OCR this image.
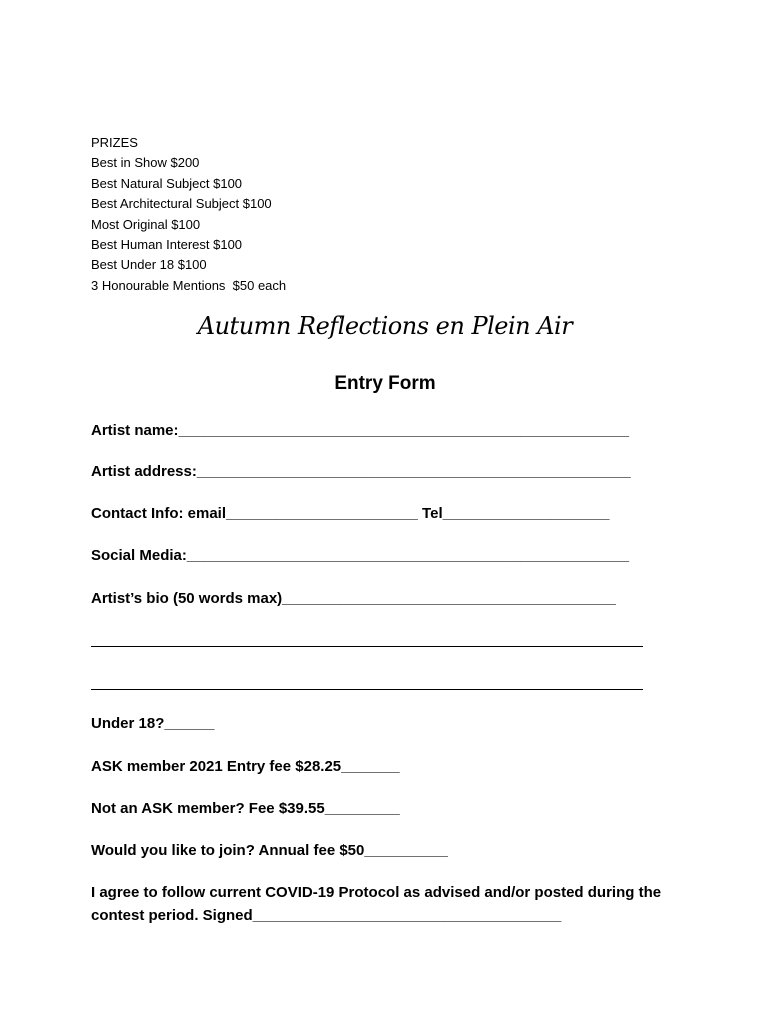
PRIZES
Best in Show $200
Best Natural Subject $100
Best Architectural Subject $100
Most Original $100
Best Human Interest $100
Best Under 18 $100
3 Honourable Mentions  $50 each
Autumn Reflections en Plein Air
Entry Form
Artist name:______________________________________________________
Artist address:____________________________________________________
Contact Info: email_______________________ Tel____________________
Social Media:_____________________________________________________
Artist’s bio (50 words max)________________________________________
Under 18?______
ASK member 2021 Entry fee $28.25_______
Not an ASK member? Fee $39.55_________
Would you like to join? Annual fee $50__________
I agree to follow current COVID-19 Protocol as advised and/or posted during the contest period. Signed_____________________________________
